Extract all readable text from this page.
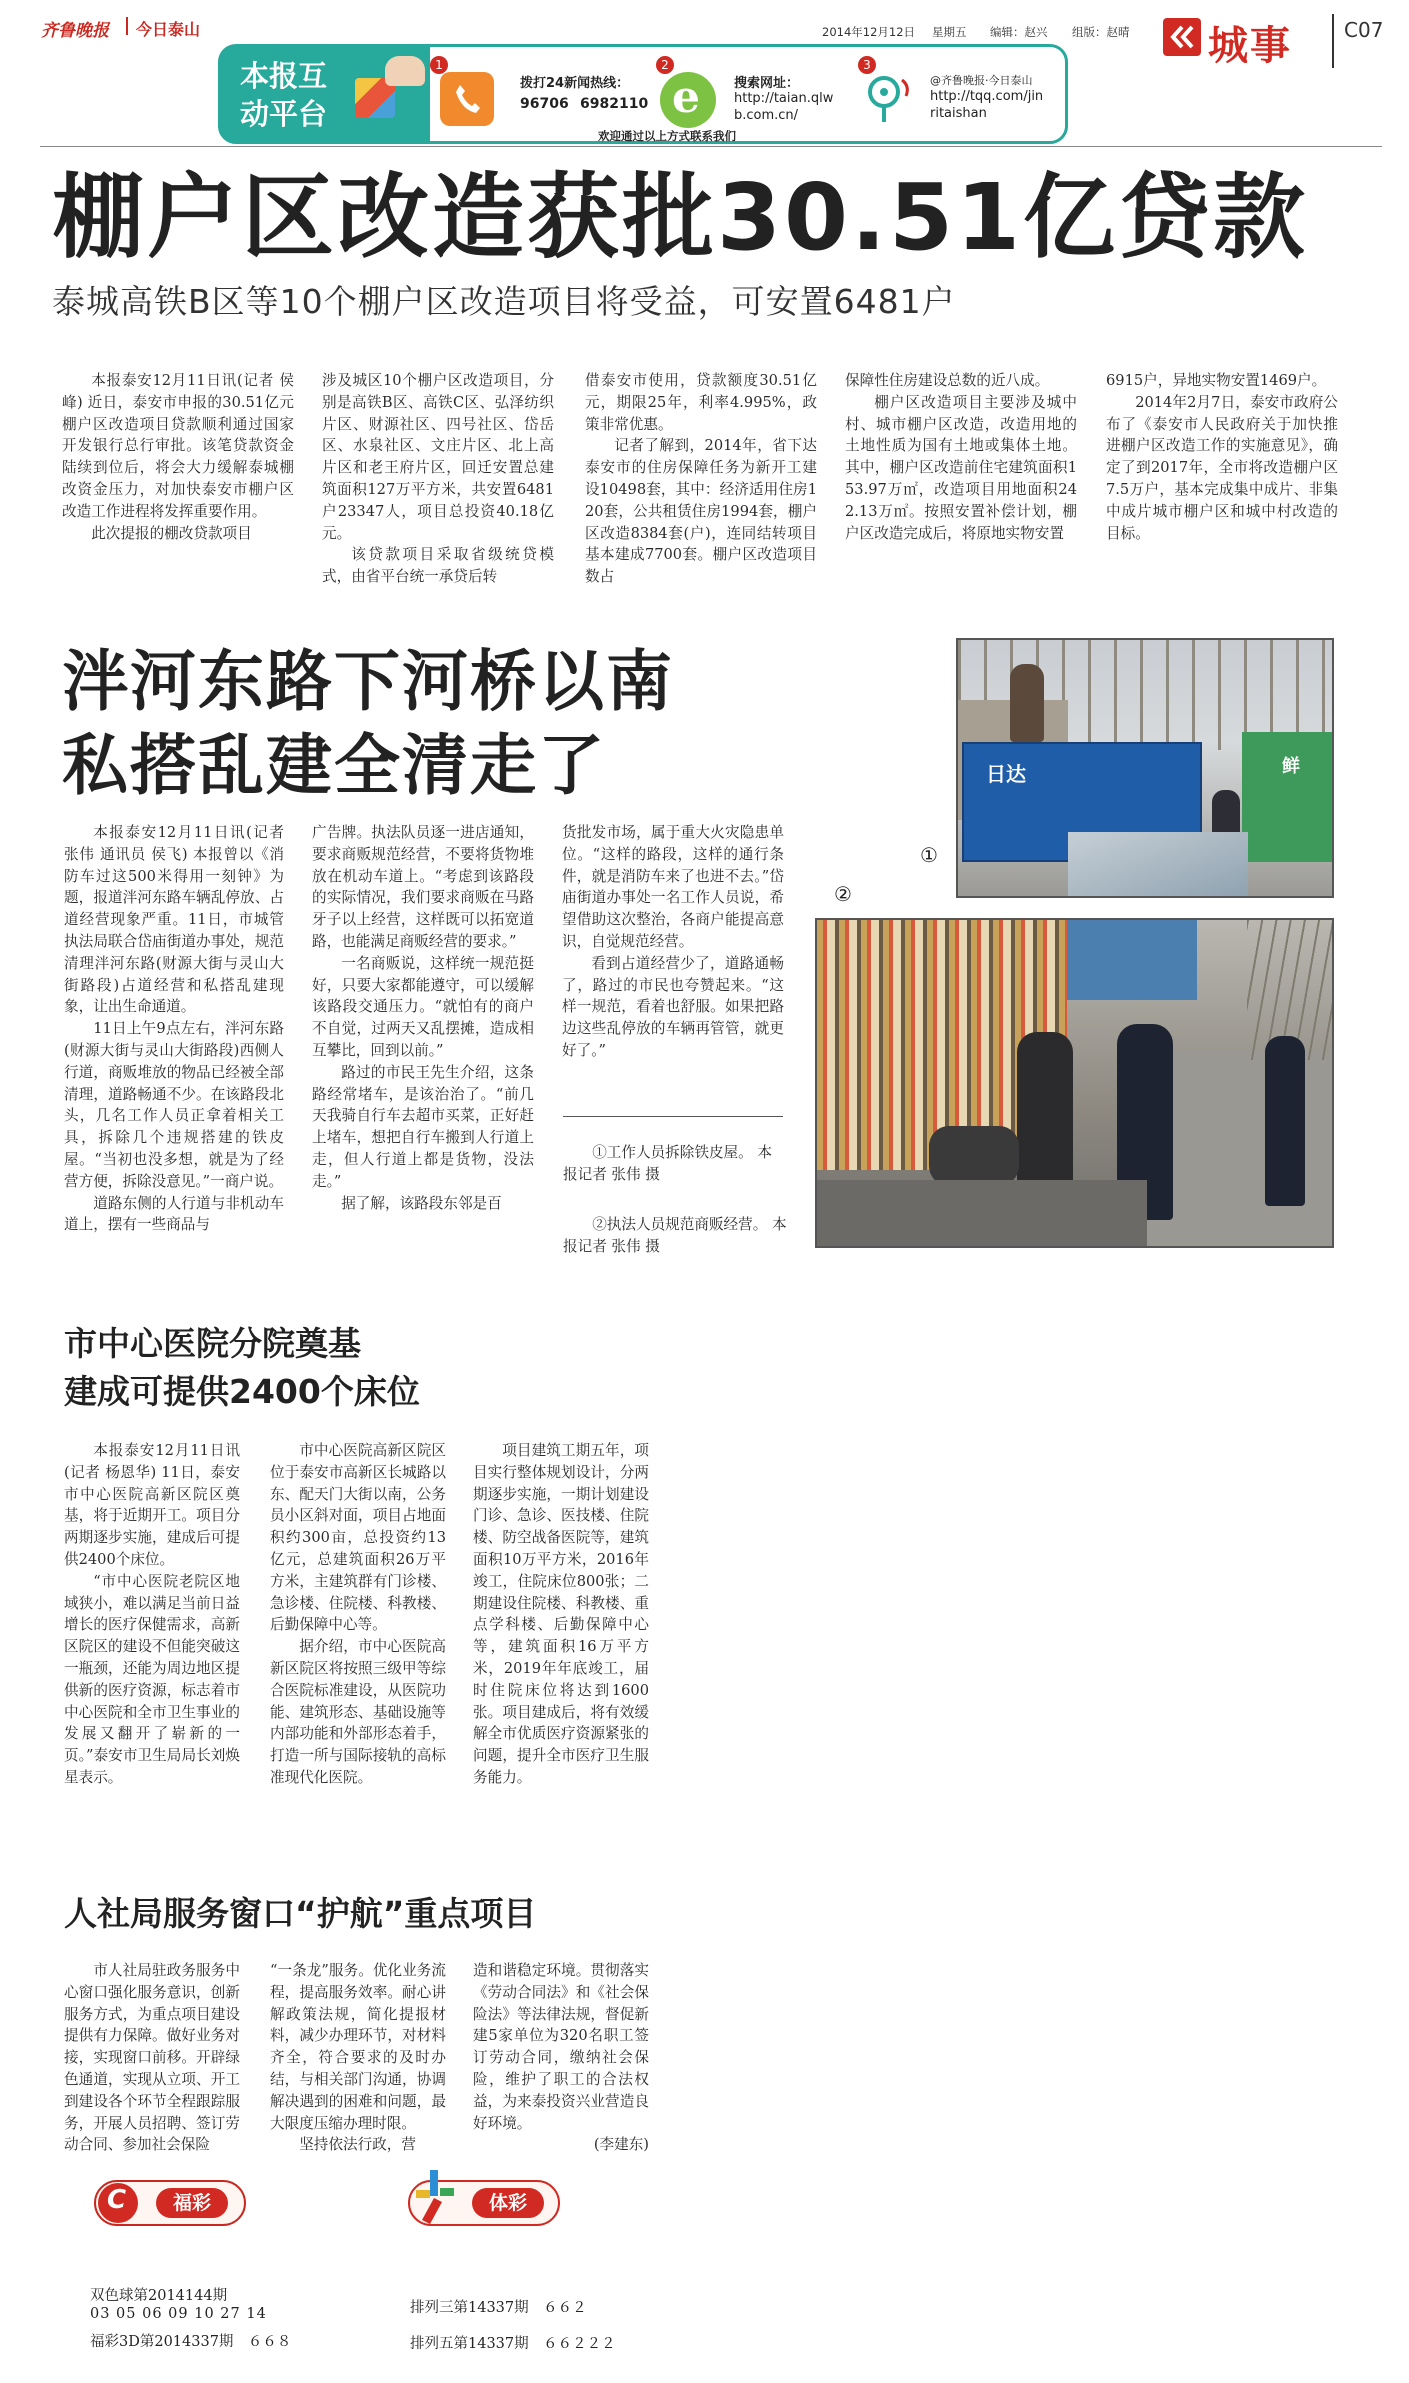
齐鲁晚报 今日泰山	2014年12月12日 星期五 编辑：赵兴 组版：赵晴 城事	C07
本报互
动平台
1
拨打24新闻热线：
96706 6982110
2
e	搜索网址：
http://taian.qlw
b.com.cn/
3
@齐鲁晚报·今日泰山
http://tqq.com/jin
ritaishan
欢迎通过以上方式联系我们
棚户区改造获批30.51亿贷款
泰城高铁B区等10个棚户区改造项目将受益，可安置6481户

本报泰安12月11日讯(记者 侯峰) 近日，泰安市申报的30.51亿元棚户区改造项目贷款顺利通过国家开发银行总行审批。该笔贷款资金陆续到位后，将会大力缓解泰城棚改资金压力，对加快泰安市棚户区改造工作进程将发挥重要作用。

此次提报的棚改贷款项目

涉及城区10个棚户区改造项目，分别是高铁B区、高铁C区、弘泽纺织片区、财源社区、四号社区、岱岳区、水泉社区、文庄片区、北上高片区和老王府片区，回迁安置总建筑面积127万平方米，共安置6481户23347人，项目总投资40.18亿元。

该贷款项目采取省级统贷模式，由省平台统一承贷后转

借泰安市使用，贷款额度30.51亿元，期限25年，利率4.995%，政策非常优惠。

记者了解到，2014年，省下达泰安市的住房保障任务为新开工建设10498套，其中：经济适用住房120套，公共租赁住房1994套，棚户区改造8384套(户)，连同结转项目基本建成7700套。棚户区改造项目数占

保障性住房建设总数的近八成。

棚户区改造项目主要涉及城中村、城市棚户区改造，改造用地的土地性质为国有土地或集体土地。其中，棚户区改造前住宅建筑面积153.97万㎡，改造项目用地面积242.13万㎡。按照安置补偿计划，棚户区改造完成后，将原地实物安置

6915户，异地实物安置1469户。

2014年2月7日，泰安市政府公布了《泰安市人民政府关于加快推进棚户区改造工作的实施意见》，确定了到2017年，全市将改造棚户区7.5万户，基本完成集中成片、非集中成片城市棚户区和城中村改造的目标。

泮河东路下河桥以南
私搭乱建全清走了

本报泰安12月11日讯(记者 张伟 通讯员 侯飞) 本报曾以《消防车过这500米得用一刻钟》为题，报道泮河东路车辆乱停放、占道经营现象严重。11日，市城管执法局联合岱庙街道办事处，规范清理泮河东路(财源大街与灵山大街路段)占道经营和私搭乱建现象，让出生命通道。

11日上午9点左右，泮河东路(财源大街与灵山大街路段)西侧人行道，商贩堆放的物品已经被全部清理，道路畅通不少。在该路段北头，几名工作人员正拿着相关工具，拆除几个违规搭建的铁皮屋。“当初也没多想，就是为了经营方便，拆除没意见。”一商户说。

道路东侧的人行道与非机动车道上，摆有一些商品与

广告牌。执法队员逐一进店通知，要求商贩规范经营，不要将货物堆放在机动车道上。“考虑到该路段的实际情况，我们要求商贩在马路牙子以上经营，这样既可以拓宽道路，也能满足商贩经营的要求。”

一名商贩说，这样统一规范挺好，只要大家都能遵守，可以缓解该路段交通压力。“就怕有的商户不自觉，过两天又乱摆摊，造成相互攀比，回到以前。”

路过的市民王先生介绍，这条路经常堵车，是该治治了。“前几天我骑自行车去超市买菜，正好赶上堵车，想把自行车搬到人行道上走，但人行道上都是货物，没法走。”

据了解，该路段东邻是百

货批发市场，属于重大火灾隐患单位。“这样的路段，这样的通行条件，就是消防车来了也进不去。”岱庙街道办事处一名工作人员说，希望借助这次整治，各商户能提高意识，自觉规范经营。

看到占道经营少了，道路通畅了，路过的市民也夸赞起来。“这样一规范，看着也舒服。如果把路边这些乱停放的车辆再管管，就更好了。”

①工作人员拆除铁皮屋。 本报记者 张伟 摄
②执法人员规范商贩经营。 本报记者 张伟 摄
日达	鲜
①
②
市中心医院分院奠基
建成可提供2400个床位

本报泰安12月11日讯(记者 杨恩华) 11日，泰安市中心医院高新区院区奠基，将于近期开工。项目分两期逐步实施，建成后可提供2400个床位。

“市中心医院老院区地域狭小，难以满足当前日益增长的医疗保健需求，高新区院区的建设不但能突破这一瓶颈，还能为周边地区提供新的医疗资源，标志着市中心医院和全市卫生事业的发展又翻开了崭新的一页。”泰安市卫生局局长刘焕星表示。

市中心医院高新区院区位于泰安市高新区长城路以东、配天门大街以南，公务员小区斜对面，项目占地面积约300亩，总投资约13亿元，总建筑面积26万平方米，主建筑群有门诊楼、急诊楼、住院楼、科教楼、后勤保障中心等。

据介绍，市中心医院高新区院区将按照三级甲等综合医院标准建设，从医院功能、建筑形态、基础设施等内部功能和外部形态着手，打造一所与国际接轨的高标准现代化医院。

项目建筑工期五年，项目实行整体规划设计，分两期逐步实施，一期计划建设门诊、急诊、医技楼、住院楼、防空战备医院等，建筑面积10万平方米，2016年竣工，住院床位800张；二期建设住院楼、科教楼、重点学科楼、后勤保障中心等，建筑面积16万平方米，2019年年底竣工，届时住院床位将达到1600张。项目建成后，将有效缓解全市优质医疗资源紧张的问题，提升全市医疗卫生服务能力。

人社局服务窗口“护航”重点项目

市人社局驻政务服务中心窗口强化服务意识，创新服务方式，为重点项目建设提供有力保障。做好业务对接，实现窗口前移。开辟绿色通道，实现从立项、开工到建设各个环节全程跟踪服务，开展人员招聘、签订劳动合同、参加社会保险

“一条龙”服务。优化业务流程，提高服务效率。耐心讲解政策法规，简化提报材料，减少办理环节，对材料齐全，符合要求的及时办结，与相关部门沟通，协调解决遇到的困难和问题，最大限度压缩办理时限。

坚持依法行政，营

造和谐稳定环境。贯彻落实《劳动合同法》和《社会保险法》等法律法规，督促新建5家单位为320名职工签订劳动合同，缴纳社会保险，维护了职工的合法权益，为来泰投资兴业营造良好环境。

(李建东)

C	福彩	体彩
双色球第2014144期
03 05 06 09 10 27 14
福彩3D第2014337期　６６８
排列三第14337期　６６２
排列五第14337期　６６２２２
